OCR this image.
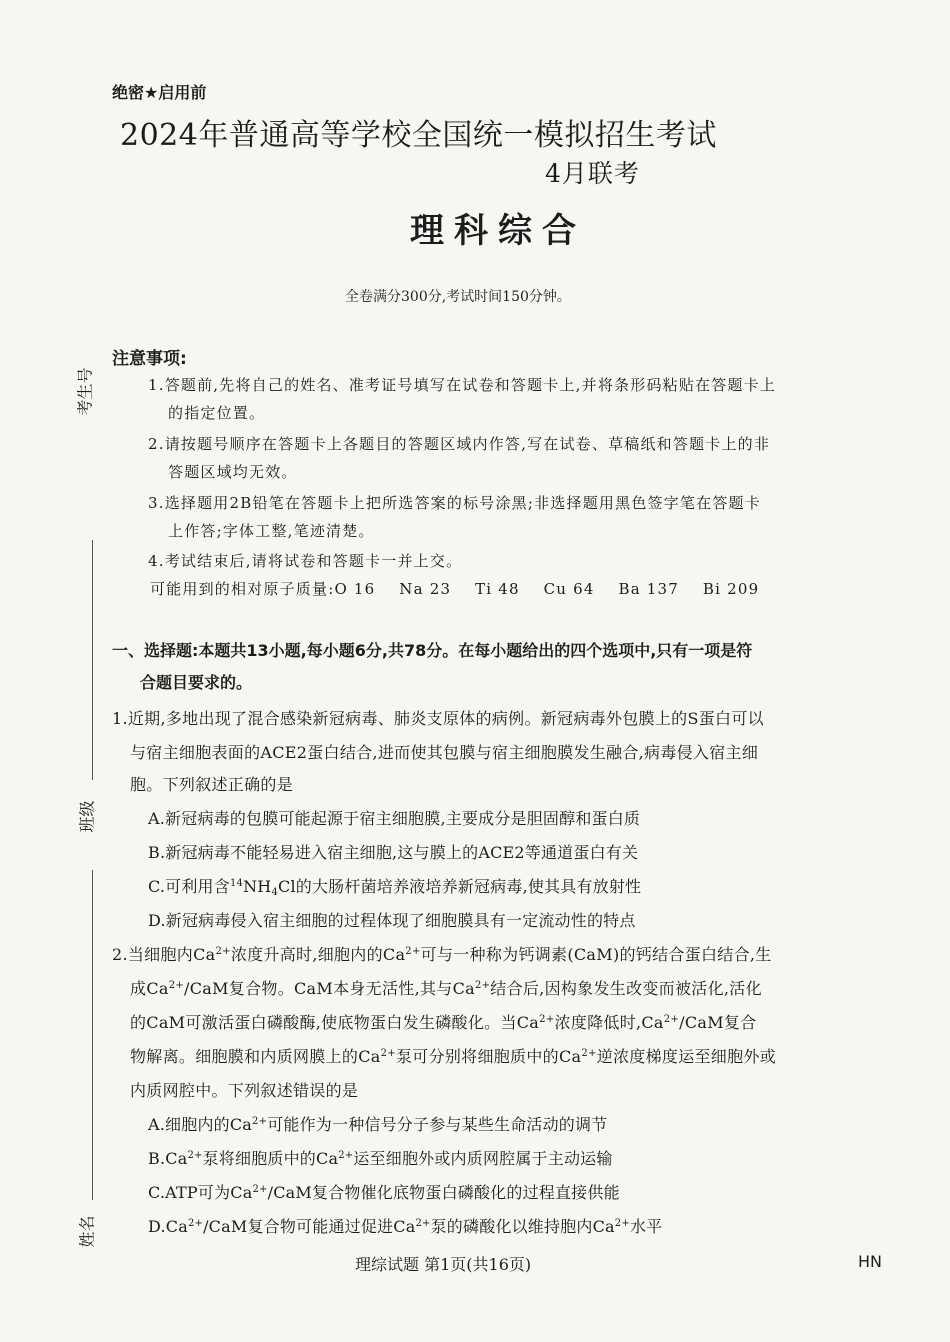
绝密★启用前
2024年普通高等学校全国统一模拟招生考试
4月联考
理科综合
全卷满分300分,考试时间150分钟。
考生号
班级
姓名
注意事项:
1.答题前,先将自己的姓名、准考证号填写在试卷和答题卡上,并将条形码粘贴在答题卡上
的指定位置。
2.请按题号顺序在答题卡上各题目的答题区域内作答,写在试卷、草稿纸和答题卡上的非
答题区域均无效。
3.选择题用2B铅笔在答题卡上把所选答案的标号涂黑;非选择题用黑色签字笔在答题卡
上作答;字体工整,笔迹清楚。
4.考试结束后,请将试卷和答题卡一并上交。
可能用到的相对原子质量:O 16    Na 23    Ti 48    Cu 64    Ba 137    Bi 209
一、选择题:本题共13小题,每小题6分,共78分。在每小题给出的四个选项中,只有一项是符
合题目要求的。
1.近期,多地出现了混合感染新冠病毒、肺炎支原体的病例。新冠病毒外包膜上的S蛋白可以
与宿主细胞表面的ACE2蛋白结合,进而使其包膜与宿主细胞膜发生融合,病毒侵入宿主细
胞。下列叙述正确的是
A.新冠病毒的包膜可能起源于宿主细胞膜,主要成分是胆固醇和蛋白质
B.新冠病毒不能轻易进入宿主细胞,这与膜上的ACE2等通道蛋白有关
C.可利用含$^{14}NH_4Cl$的大肠杆菌培养液培养新冠病毒,使其具有放射性
D.新冠病毒侵入宿主细胞的过程体现了细胞膜具有一定流动性的特点
2.当细胞内$Ca^{2+}$浓度升高时,细胞内的$Ca^{2+}$可与一种称为钙调素(CaM)的钙结合蛋白结合,生
成$Ca^{2+}$/CaM复合物。CaM本身无活性,其与$Ca^{2+}$结合后,因构象发生改变而被活化,活化
的CaM可激活蛋白磷酸酶,使底物蛋白发生磷酸化。当$Ca^{2+}$浓度降低时$,Ca^{2+}$/CaM复合
物解离。细胞膜和内质网膜上的$Ca^{2+}$泵可分别将细胞质中的$Ca^{2+}$逆浓度梯度运至细胞外或
内质网腔中。下列叙述错误的是
A.细胞内的$Ca^{2+}$可能作为一种信号分子参与某些生命活动的调节
$B.Ca^{2+}$泵将细胞质中的$Ca^{2+}$运至细胞外或内质网腔属于主动运输
C.ATP可为$Ca^{2+}$/CaM复合物催化底物蛋白磷酸化的过程直接供能
$D.Ca^{2+}$/CaM复合物可能通过促进$Ca^{2+}$泵的磷酸化以维持胞内$Ca^{2+}$水平
理综试题 第1页(共16页)	HN
